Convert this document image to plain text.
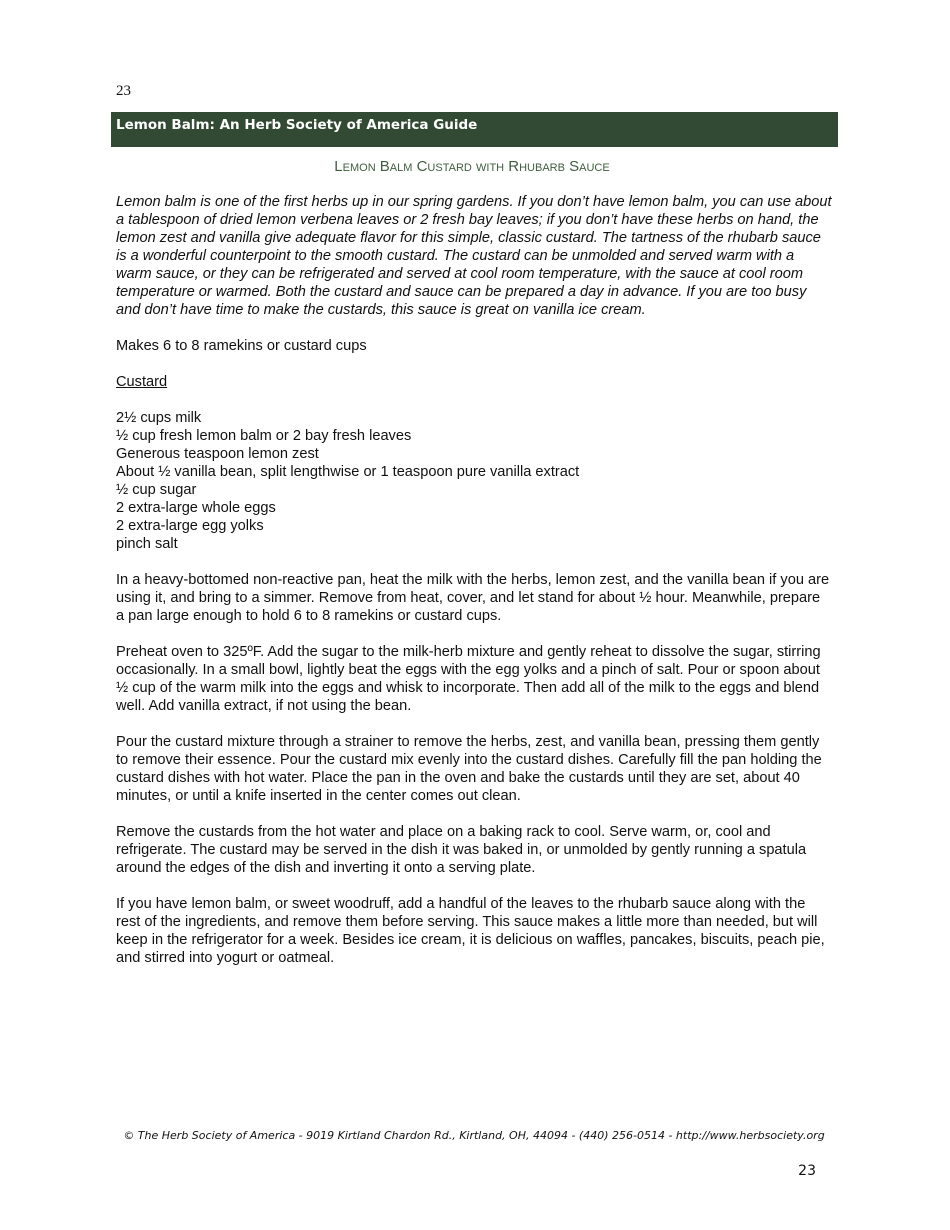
23
Lemon Balm: An Herb Society of America Guide
Lemon Balm Custard with Rhubarb Sauce

Lemon balm is one of the first herbs up in our spring gardens. If you don’t have lemon balm, you can use about a tablespoon of dried lemon verbena leaves or 2 fresh bay leaves; if you don’t have these herbs on hand, the lemon zest and vanilla give adequate flavor for this simple, classic custard. The tartness of the rhubarb sauce is a wonderful counterpoint to the smooth custard. The custard can be unmolded and served warm with a warm sauce, or they can be refrigerated and served at cool room temperature, with the sauce at cool room temperature or warmed. Both the custard and sauce can be prepared a day in advance. If you are too busy and don’t have time to make the custards, this sauce is great on vanilla ice cream.

Makes 6 to 8 ramekins or custard cups

Custard

2½ cups milk
½ cup fresh lemon balm or 2 bay fresh leaves
Generous teaspoon lemon zest
About ½ vanilla bean, split lengthwise or 1 teaspoon pure vanilla extract
½ cup sugar
2 extra-large whole eggs
2 extra-large egg yolks
pinch salt

In a heavy-bottomed non-reactive pan, heat the milk with the herbs, lemon zest, and the vanilla bean if you are using it, and bring to a simmer. Remove from heat, cover, and let stand for about ½ hour. Meanwhile, prepare a pan large enough to hold 6 to 8 ramekins or custard cups.

Preheat oven to 325ºF. Add the sugar to the milk-herb mixture and gently reheat to dissolve the sugar, stirring occasionally. In a small bowl, lightly beat the eggs with the egg yolks and a pinch of salt. Pour or spoon about ½ cup of the warm milk into the eggs and whisk to incorporate. Then add all of the milk to the eggs and blend well. Add vanilla extract, if not using the bean.

Pour the custard mixture through a strainer to remove the herbs, zest, and vanilla bean, pressing them gently to remove their essence. Pour the custard mix evenly into the custard dishes. Carefully fill the pan holding the custard dishes with hot water. Place the pan in the oven and bake the custards until they are set, about 40 minutes, or until a knife inserted in the center comes out clean.

Remove the custards from the hot water and place on a baking rack to cool. Serve warm, or, cool and refrigerate. The custard may be served in the dish it was baked in, or unmolded by gently running a spatula around the edges of the dish and inverting it onto a serving plate.

If you have lemon balm, or sweet woodruff, add a handful of the leaves to the rhubarb sauce along with the rest of the ingredients, and remove them before serving. This sauce makes a little more than needed, but will keep in the refrigerator for a week. Besides ice cream, it is delicious on waffles, pancakes, biscuits, peach pie, and stirred into yogurt or oatmeal.

© The Herb Society of America - 9019 Kirtland Chardon Rd., Kirtland, OH, 44094 - (440) 256-0514 - http://www.herbsociety.org
23
